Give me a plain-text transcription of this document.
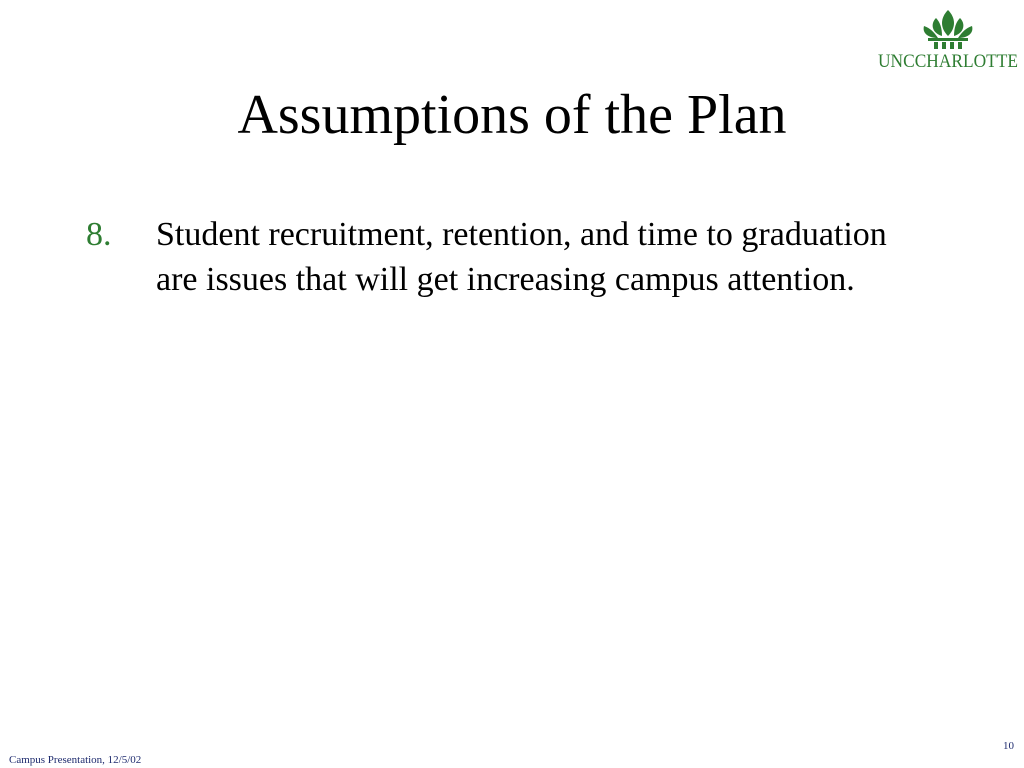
UNCCHARLOTTE
Assumptions of the Plan
8. Student recruitment, retention, and time to graduation are issues that will get increasing campus attention.
Campus Presentation, 12/5/02
10
